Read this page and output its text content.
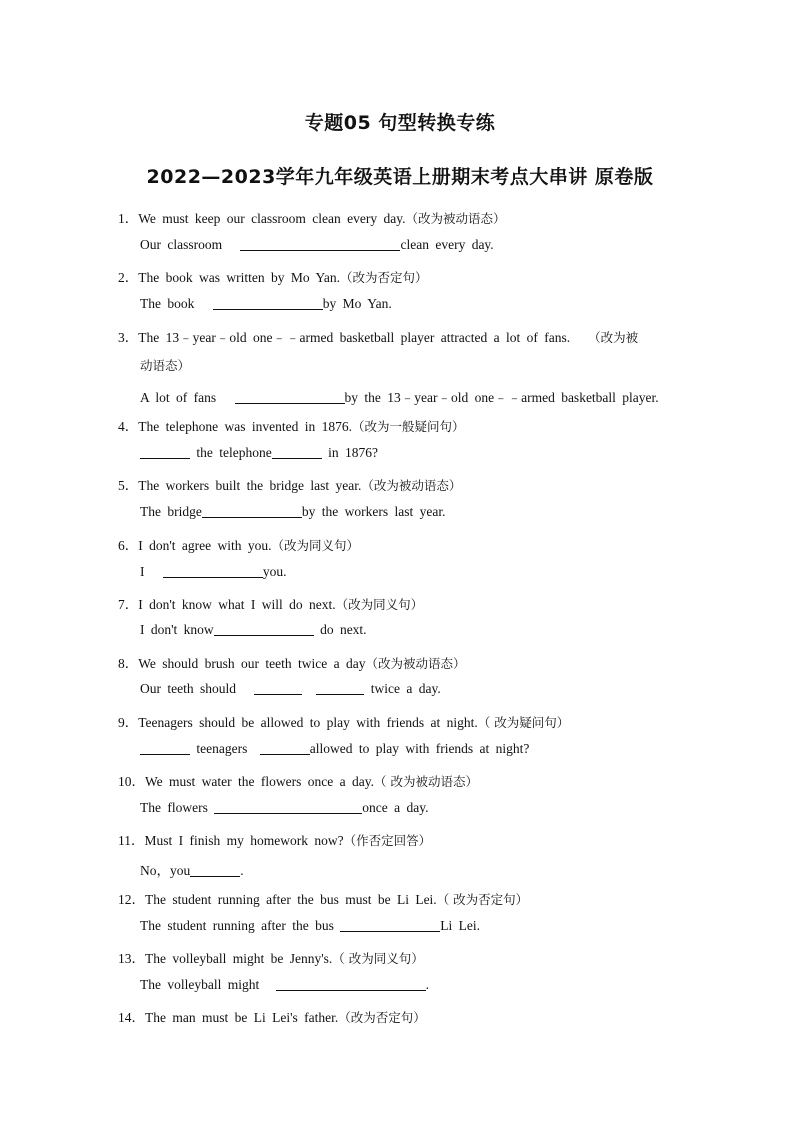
专题05 句型转换专练
2022—2023学年九年级英语上册期末考点大串讲 原卷版
1．We must keep our classroom clean every day.（改为被动语态）
Our classroom	clean every day.
2．The book was written by Mo Yan.（改为否定句）
The book	by Mo Yan.
3．The 13﹣year﹣old one﹣﹣armed basketball player attracted a lot of fans. （改为被
动语态）
A lot of fans	by the 13﹣year﹣old one﹣﹣armed basketball player.
4．The telephone was invented in 1876.（改为一般疑问句）
the telephone	in 1876?
5．The workers built the bridge last year.（改为被动语态）
The bridge	by the workers last year.
6．I don't agree with you.（改为同义句）
I	you.
7．I don't know what I will do next.（改为同义句）
I don't know	do next.
8．We should brush our teeth twice a day（改为被动语态）
Our teeth should	twice a day.
9．Teenagers should be allowed to play with friends at night.（ 改为疑问句）
teenagers	allowed to play with friends at night?
10．We must water the flowers once a day.（ 改为被动语态）
The flowers	once a day.
11．Must I finish my homework now?（作否定回答）
No，you	.
12．The student running after the bus must be Li Lei.（ 改为否定句）
The student running after the bus	Li Lei.
13．The volleyball might be Jenny's.（ 改为同义句）
The volleyball might	.
14．The man must be Li Lei's father.（改为否定句）
